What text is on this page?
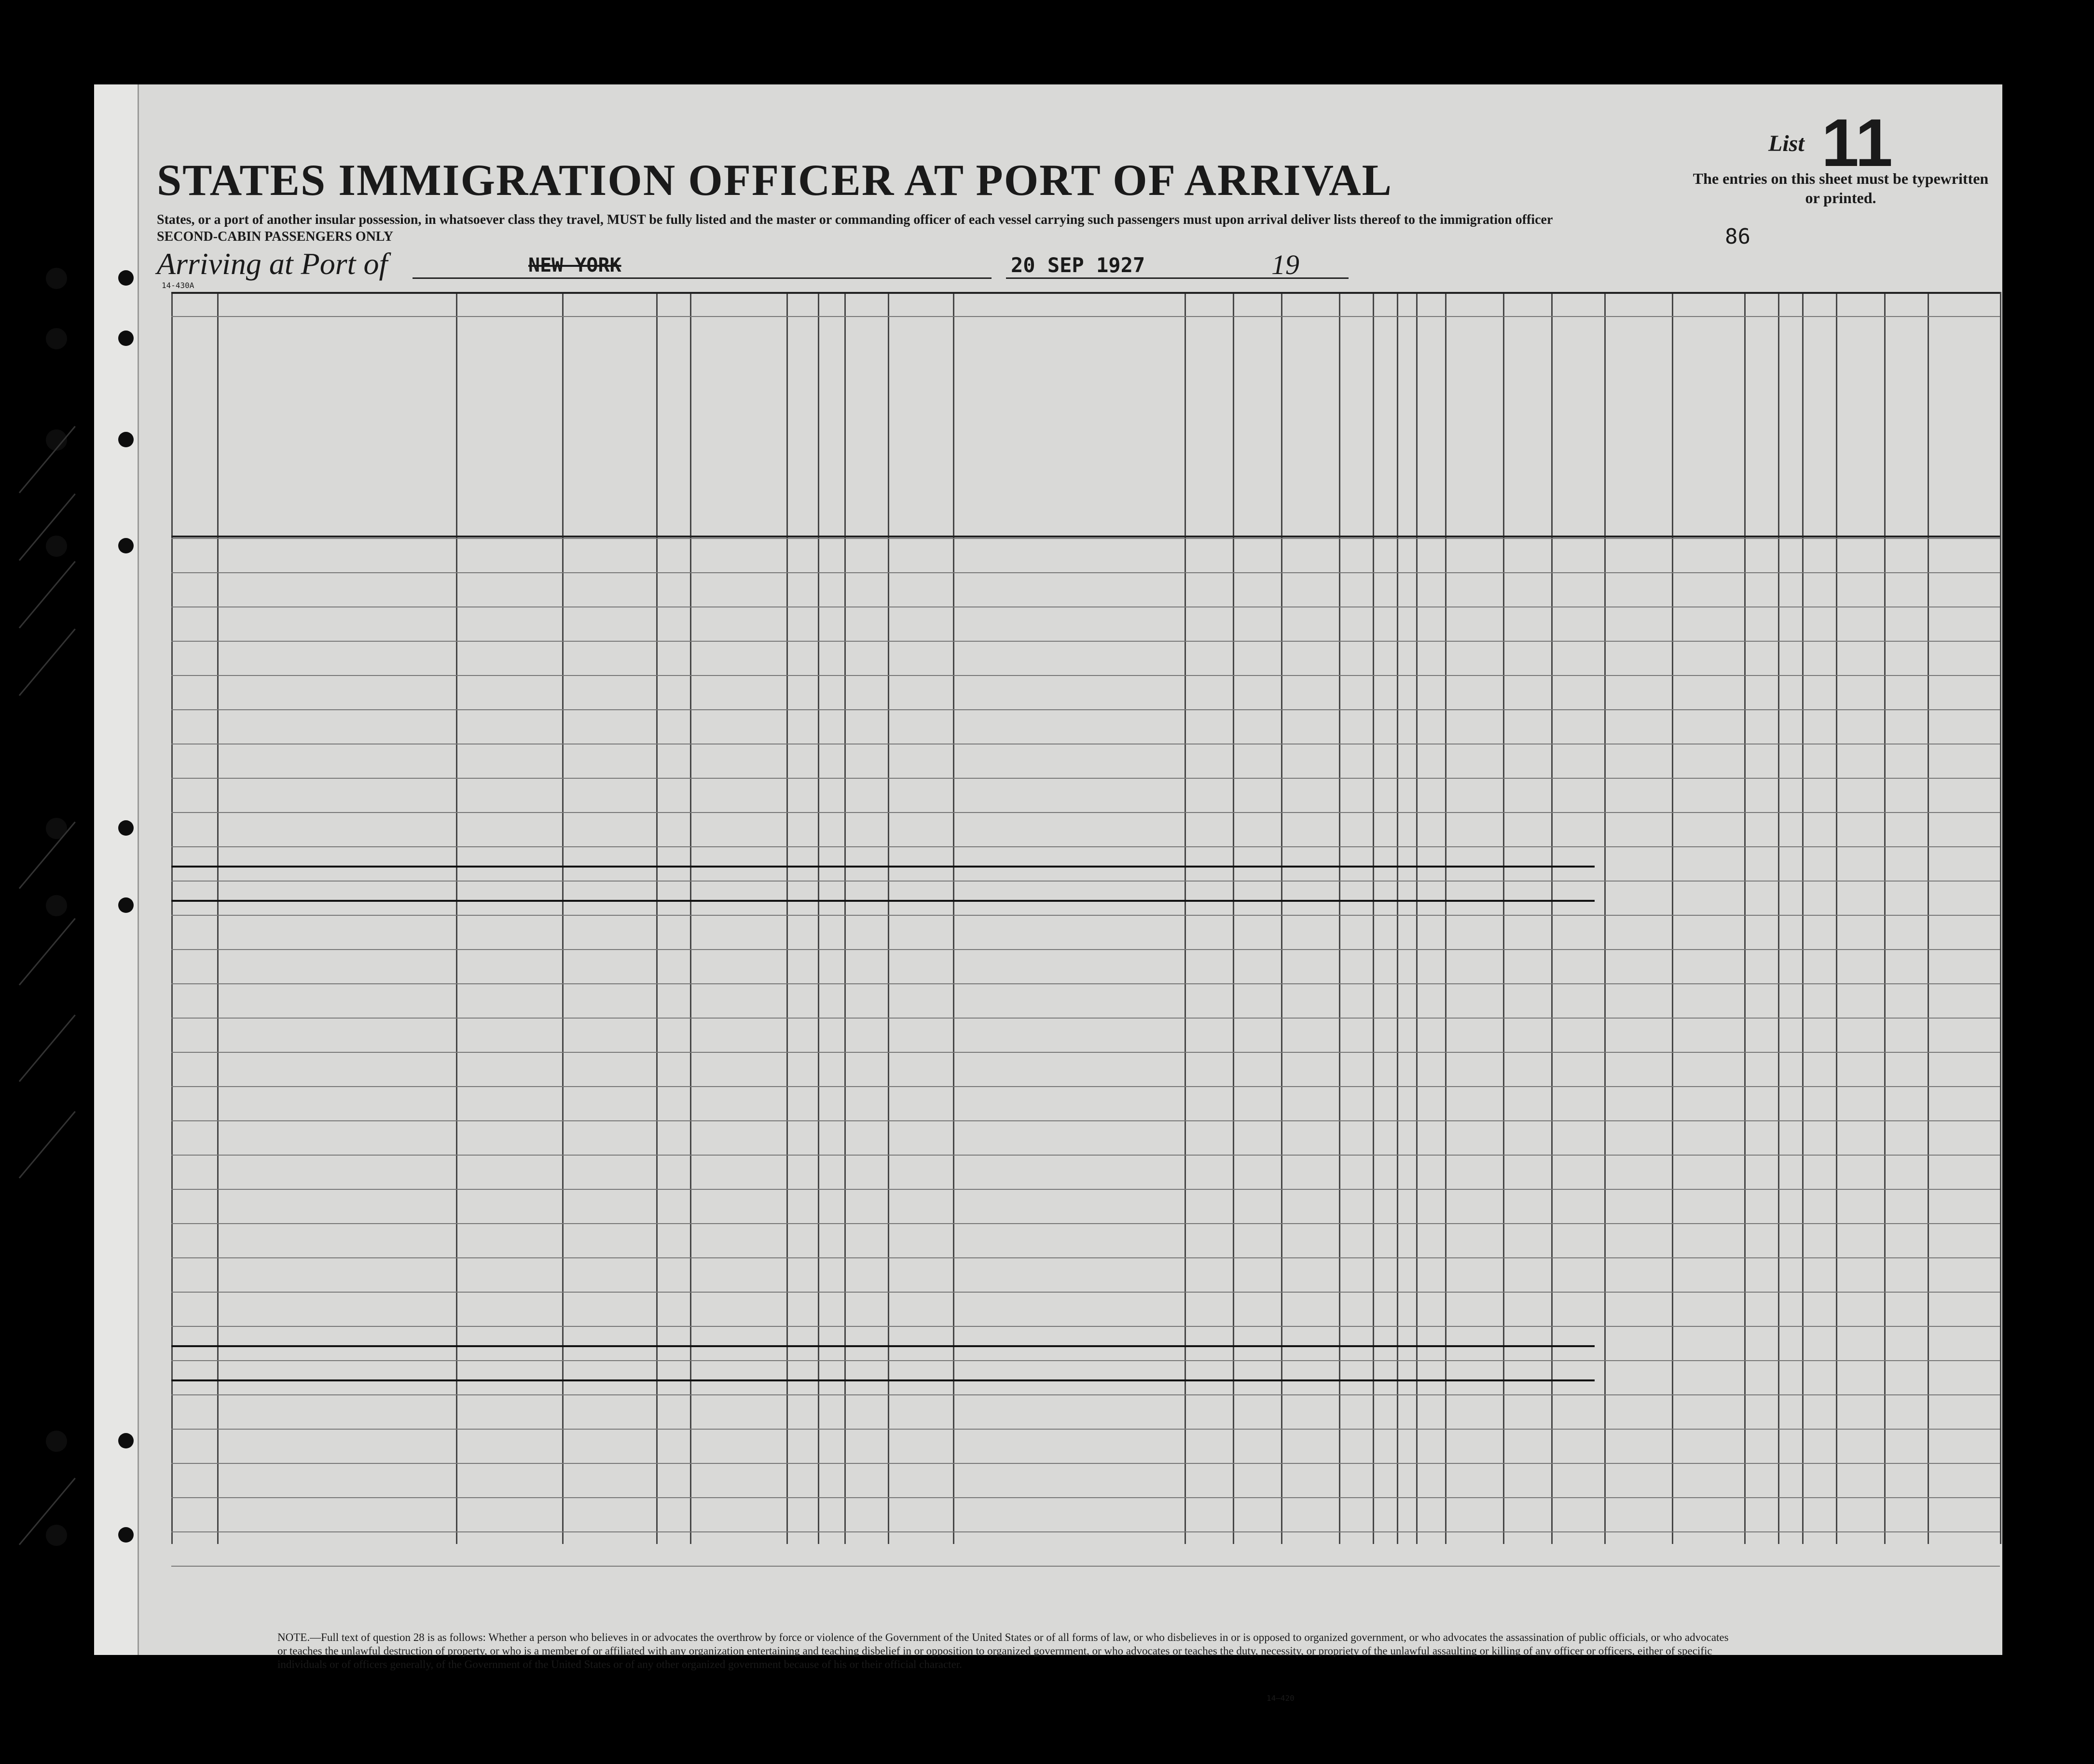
List 11
The entries on this sheet must be typewritten or printed.
STATES IMMIGRATION OFFICER AT PORT OF ARRIVAL
States, or a port of another insular possession, in whatsoever class they travel, MUST be fully listed and the master or commanding officer of each vessel carrying such passengers must upon arrival deliver lists thereof to the immigration officer
SECOND-CABIN PASSENGERS ONLY	86
Arriving at Port of	NEW YORK	20 SEP 1927	19
14-430A
NOTE.—Full text of question 28 is as follows: Whether a person who believes in or advocates the overthrow by force or violence of the Government of the United States or of all forms of law, or who disbelieves in or is opposed to organized government, or who advocates the assassination of public officials, or who advocates or teaches the unlawful destruction of property, or who is a member of or affiliated with any organization entertaining and teaching disbelief in or opposition to organized government, or who advocates or teaches the duty, necessity, or propriety of the unlawful assaulting or killing of any officer or officers, either of specific individuals or of officers generally, of the Government of the United States or of any other organized government because of his or their official character.
14—420
